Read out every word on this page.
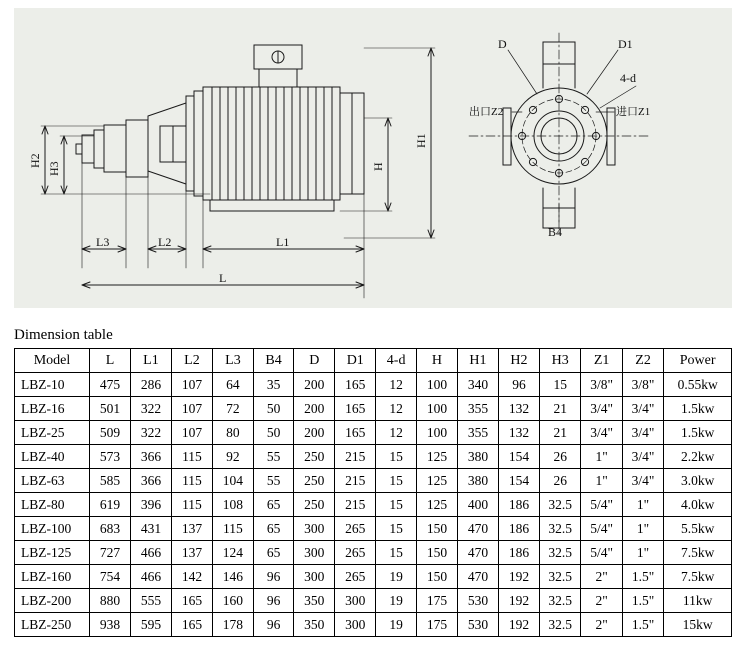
H1
H
H2
H3
L3	L2	L1
L
D	D1
4-d
出口Z2	进口Z1
B4
Dimension table
Model	L	L1	L2	L3	B4	D	D1	4-d	H	H1	H2	H3	Z1	Z2	Power
LBZ-10	475	286	107	64	35	200	165	12	100	340	96	15	3/8"	3/8"	0.55kw
LBZ-16	501	322	107	72	50	200	165	12	100	355	132	21	3/4"	3/4"	1.5kw
LBZ-25	509	322	107	80	50	200	165	12	100	355	132	21	3/4"	3/4"	1.5kw
LBZ-40	573	366	115	92	55	250	215	15	125	380	154	26	1"	3/4"	2.2kw
LBZ-63	585	366	115	104	55	250	215	15	125	380	154	26	1"	3/4"	3.0kw
LBZ-80	619	396	115	108	65	250	215	15	125	400	186	32.5	5/4"	1"	4.0kw
LBZ-100	683	431	137	115	65	300	265	15	150	470	186	32.5	5/4"	1"	5.5kw
LBZ-125	727	466	137	124	65	300	265	15	150	470	186	32.5	5/4"	1"	7.5kw
LBZ-160	754	466	142	146	96	300	265	19	150	470	192	32.5	2"	1.5"	7.5kw
LBZ-200	880	555	165	160	96	350	300	19	175	530	192	32.5	2"	1.5"	11kw
LBZ-250	938	595	165	178	96	350	300	19	175	530	192	32.5	2"	1.5"	15kw
